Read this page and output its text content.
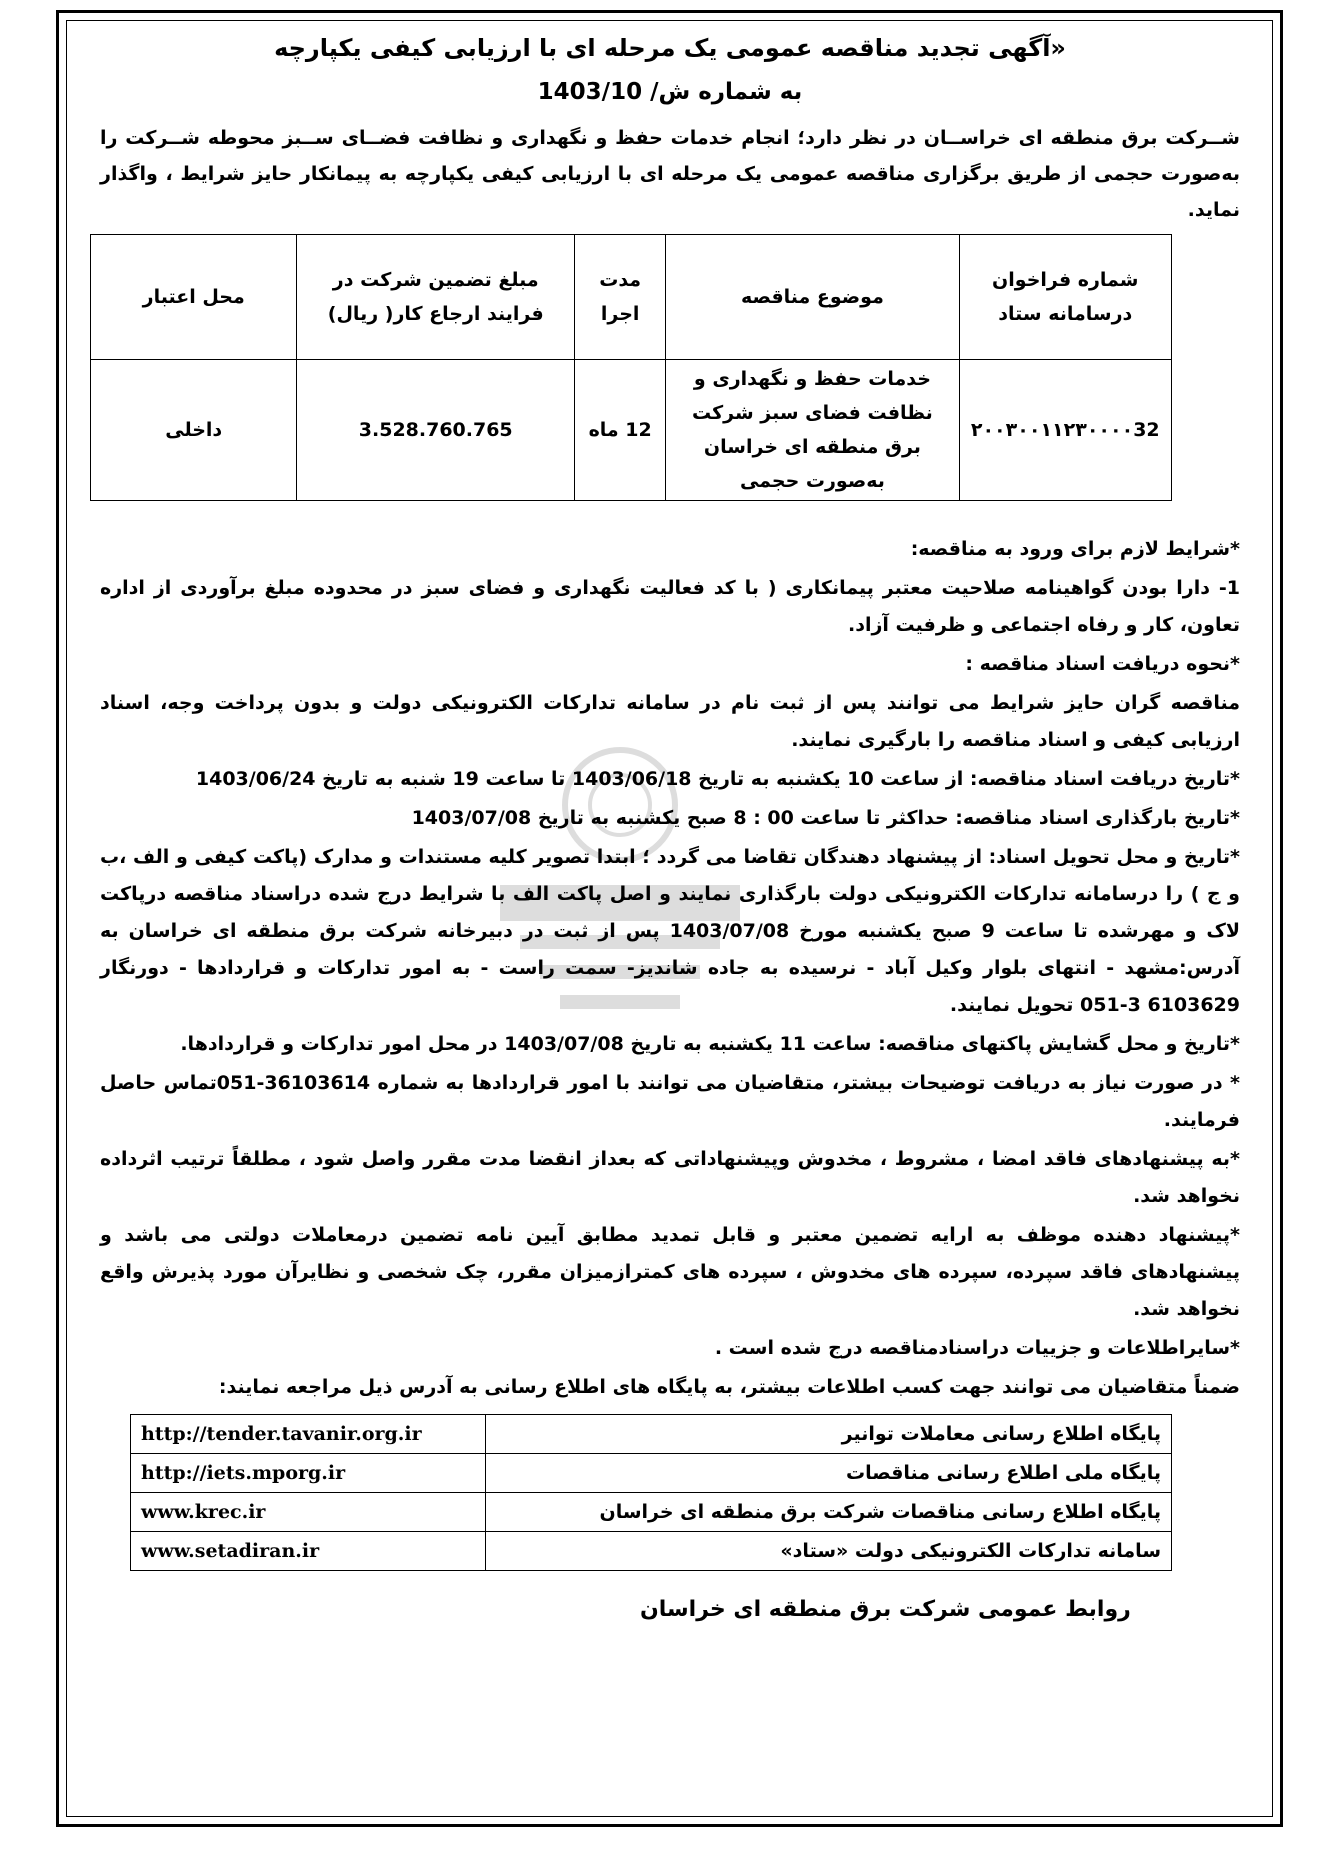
«آگهی تجدید مناقصه عمومی یک مرحله ای با ارزیابی کیفی یکپارچه
به شماره ش/ 1403/10

شــرکت برق منطقه ای خراســان در نظر دارد؛ انجام خدمات حفظ و نگهداری و نظافت فضــای ســبز محوطه شــرکت را به‌صورت حجمی از طریق برگزاری مناقصه عمومی یک مرحله ای با ارزیابی کیفی یکپارچه به پیمانکار حایز شرایط ، واگذار نماید.

شماره فراخوان درسامانه ستاد	موضوع مناقصه	مدت اجرا	مبلغ تضمین شرکت در فرایند ارجاع کار( ریال)	محل اعتبار
۲۰۰۳۰۰۱۱۲۳۰۰۰۰32	خدمات حفظ و نگهداری و نظافت فضای سبز شرکت برق منطقه ای خراسان به‌صورت حجمی	12 ماه	3.528.760.765	داخلی

*شرایط لازم برای ورود به مناقصه:

1- دارا بودن گواهینامه صلاحیت معتبر پیمانکاری ( با کد فعالیت نگهداری و فضای سبز در محدوده مبلغ برآوردی از اداره تعاون، کار و رفاه اجتماعی و ظرفیت آزاد.

*نحوه دریافت اسناد مناقصه :

مناقصه گران حایز شرایط می توانند پس از ثبت نام در سامانه تدارکات الکترونیکی دولت و بدون پرداخت وجه، اسناد ارزیابی کیفی و اسناد مناقصه را بارگیری نمایند.

*تاریخ دریافت اسناد مناقصه: از ساعت 10 یکشنبه به تاریخ 1403/06/18 تا ساعت 19 شنبه به تاریخ 1403/06/24

*تاریخ بارگذاری اسناد مناقصه: حداکثر تا ساعت 00 : 8 صبح یکشنبه به تاریخ 1403/07/08

*تاریخ و محل تحویل اسناد: از پیشنهاد دهندگان تقاضا می گردد ؛ ابتدا تصویر کلیه مستندات و مدارک (پاکت کیفی و الف ،ب و ج ) را درسامانه تدارکات الکترونیکی دولت بارگذاری نمایند و اصل پاکت الف با شرایط درج شده دراسناد مناقصه درپاکت لاک و مهرشده تا ساعت 9 صبح یکشنبه مورخ 1403/07/08 پس از ثبت در دبیرخانه شرکت برق منطقه ای خراسان به آدرس:مشهد - انتهای بلوار وکیل آباد - نرسیده به جاده شاندیز- سمت راست - به امور تدارکات و قراردادها - دورنگار 6103629 3-051 تحویل نمایند.

*تاریخ و محل گشایش پاکتهای مناقصه: ساعت 11 یکشنبه به تاریخ 1403/07/08 در محل امور تدارکات و قراردادها.

* در صورت نیاز به دریافت توضیحات بیشتر، متقاضیان می توانند با امور قراردادها به شماره 36103614-051تماس حاصل فرمایند.

*به پیشنهادهای فاقد امضا ، مشروط ، مخدوش وپیشنهاداتی که بعداز انقضا مدت مقرر واصل شود ، مطلقاً ترتیب اثرداده نخواهد شد.

*پیشنهاد دهنده موظف به ارایه تضمین معتبر و قابل تمدید مطابق آیین نامه تضمین درمعاملات دولتی می باشد و پیشنهادهای فاقد سپرده، سپرده های مخدوش ، سپرده های کمترازمیزان مقرر، چک شخصی و نظایرآن مورد پذیرش واقع نخواهد شد.

*سایراطلاعات و جزییات دراسنادمناقصه درج شده است .

ضمناً متقاضیان می توانند جهت کسب اطلاعات بیشتر، به پایگاه های اطلاع رسانی به آدرس ذیل مراجعه نمایند:

پایگاه اطلاع رسانی معاملات توانیر	http://tender.tavanir.org.ir
پایگاه ملی اطلاع رسانی مناقصات	http://iets.mporg.ir
پایگاه اطلاع رسانی مناقصات شرکت برق منطقه ای خراسان	www.krec.ir
سامانه تدارکات الکترونیکی دولت «ستاد»	www.setadiran.ir
روابط عمومی شرکت برق منطقه ای خراسان
